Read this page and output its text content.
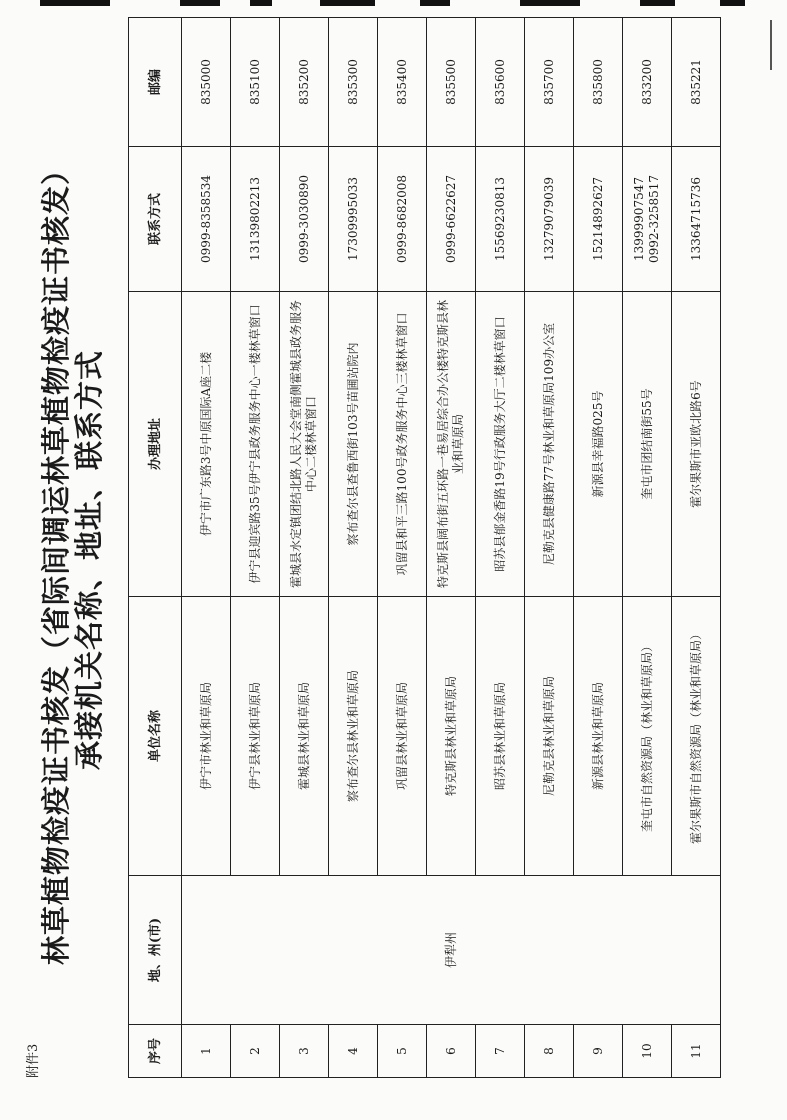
附件3
林草植物检疫证书核发（省际间调运林草植物检疫证书核发） 承接机关名称、地址、联系方式
序号	地、州(市)	单位名称	办理地址	联系方式	邮编
1	伊犁州	伊宁市林业和草原局	伊宁市广东路3号中原国际A座二楼	0999-8358534	835000
2		伊宁县林业和草原局	伊宁县迎宾路35号伊宁县政务服务中心一楼林草窗口	13139802213	835100
3		霍城县林业和草原局	霍城县水定镇团结北路人民大会堂南侧霍城县政务服务中心二楼林草窗口	0999-3030890	835200
4		察布查尔县林业和草原局	察布查尔县查鲁西街103号苗圃站院内	17309995033	835300
5		巩留县林业和草原局	巩留县和平三路100号政务服务中心三楼林草窗口	0999-8682008	835400
6		特克斯县林业和草原局	特克斯县阔布街五环路一巷易居综合办公楼特克斯县林业和草原局	0999-6622627	835500
7		昭苏县林业和草原局	昭苏县郁金香路19号行政服务大厅二楼林草窗口	15569230813	835600
8		尼勒克县林业和草原局	尼勒克县健康路77号林业和草原局109办公室	13279079039	835700
9		新源县林业和草原局	新源县幸福路025号	15214892627	835800
10		奎屯市自然资源局（林业和草原局）	奎屯市团结南街55号	13999907547 0992-3258517	833200
11		霍尔果斯市自然资源局（林业和草原局）	霍尔果斯市亚欧北路6号	13364715736	835221
